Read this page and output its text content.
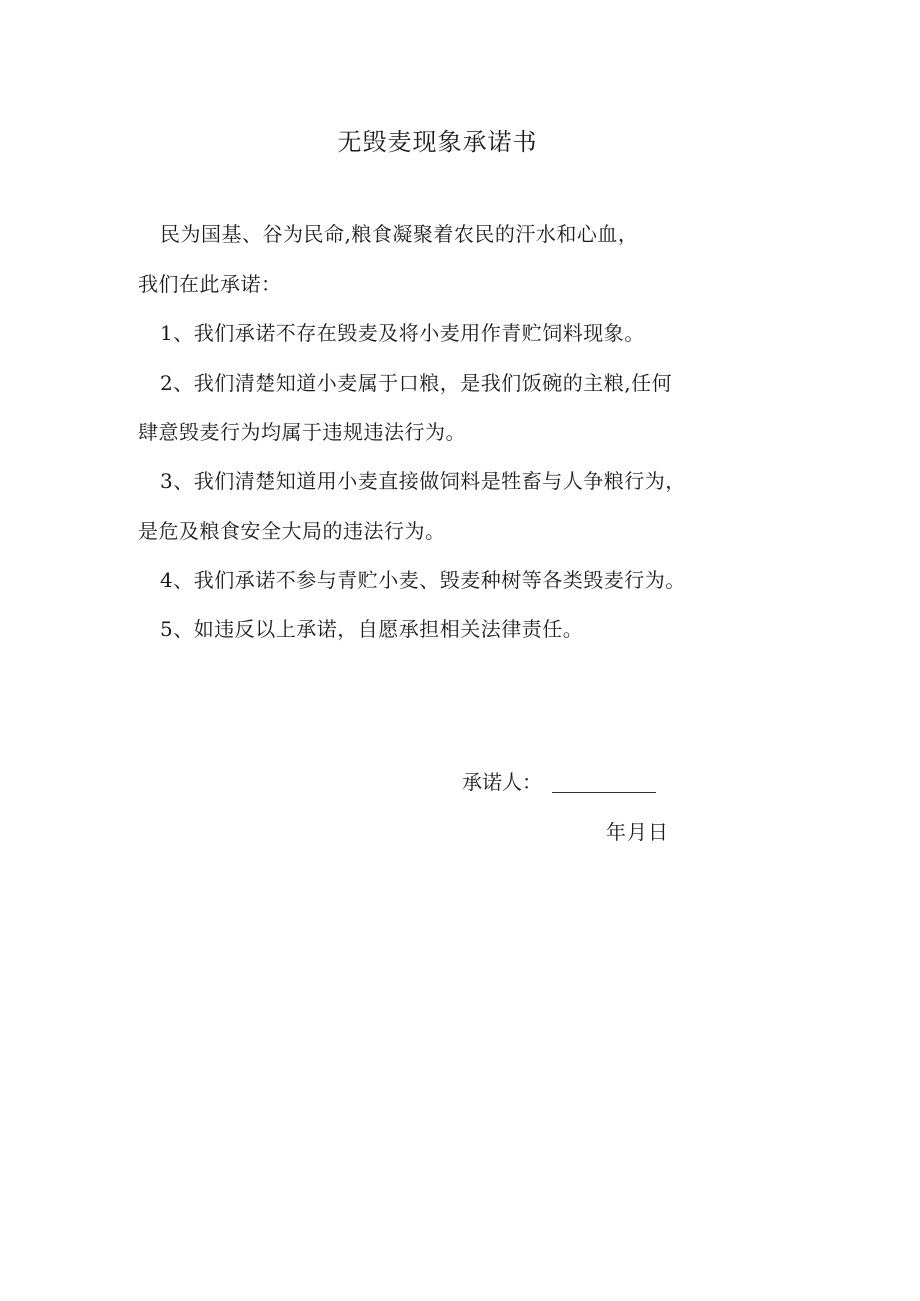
无毁麦现象承诺书
民为国基、谷为民命,粮食凝聚着农民的汗水和心血，
我们在此承诺：
1、我们承诺不存在毁麦及将小麦用作青贮饲料现象。
2、我们清楚知道小麦属于口粮，是我们饭碗的主粮,任何
肆意毁麦行为均属于违规违法行为。
3、我们清楚知道用小麦直接做饲料是牲畜与人争粮行为，
是危及粮食安全大局的违法行为。
4、我们承诺不参与青贮小麦、毁麦种树等各类毁麦行为。
5、如违反以上承诺，自愿承担相关法律责任。
承诺人：
年月日
